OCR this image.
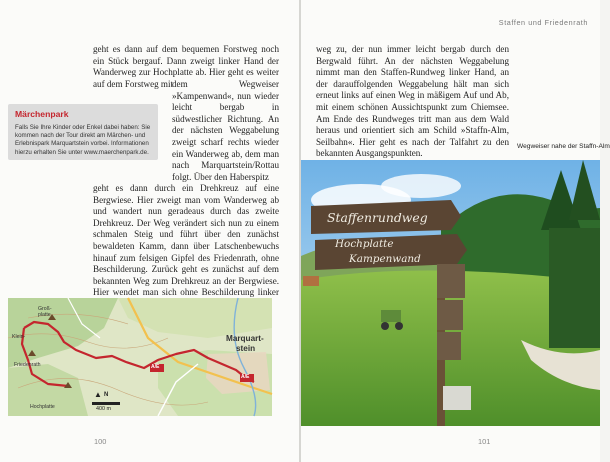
geht es dann auf dem bequemen Forstweg noch ein Stück bergauf. Dann zweigt linker Hand der Wanderweg zur Hochplatte ab. Hier geht es weiter auf dem Forstweg mit

Märchenpark
Falls Sie Ihre Kinder oder Enkel dabei haben: Sie kommen nach der Tour direkt am Märchen- und Erlebnispark Marquartstein vorbei. Informationen hierzu erhalten Sie unter www.maerchenpark.de.

dem Wegweiser »Kampenwand«, nun wieder leicht bergab in südwestlicher Richtung. An der nächsten Weggabelung zweigt scharf rechts wieder ein Wanderweg ab, dem man nach Marquartstein/Rottau folgt. Über den Haberspitz

geht es dann durch ein Drehkreuz auf eine Bergwiese. Hier zweigt man vom Wanderweg ab und wandert nun geradeaus durch das zweite Drehkreuz. Der Weg verändert sich nun zu einem schmalen Steig und führt über den zunächst bewaldeten Kamm, dann über Latschenbewuchs hinauf zum felsigen Gipfel des Friedenrath, ohne Beschilderung. Zurück geht es zunächst auf dem bekannten Weg zum Drehkreuz an der Bergwiese. Hier wendet man sich ohne Beschilderung linker

Marquart-
stein
Groß-
platte
Klein-
Friedenrath
Hochplatte
A/E
A/E
400 m
▲ N
100
Staffen und Friedenrath

weg zu, der nun immer leicht bergab durch den Bergwald führt. An der nächsten Weggabelung nimmt man den Staffen-Rundweg linker Hand, an der darauffolgenden Weggabelung hält man sich erneut links auf einen Weg in mäßigem Auf und Ab, mit einem schönen Aussichtspunkt zum Chiemsee. Am Ende des Rundweges tritt man aus dem Wald heraus und orientiert sich am Schild »Staffn-Alm, Seilbahn«. Hier geht es nach der Talfahrt zu den bekannten Ausgangspunkten.

Wegweiser nahe der Staffn-Alm
Staffenrundweg
Hochplatte
Kampenwand
101
